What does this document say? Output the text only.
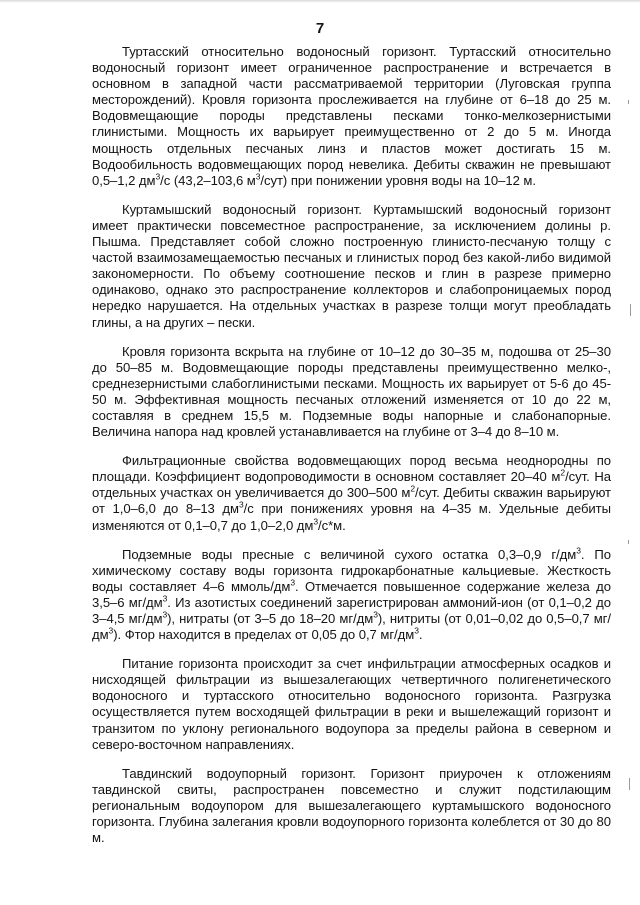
7

Туртасский относительно водоносный горизонт. Туртасский относительно водоносный горизонт имеет ограниченное распространение и встречается в основном в западной части рассматриваемой территории (Луговская группа месторождений). Кровля горизонта прослеживается на глубине от 6–18 до 25 м. Водовмещающие породы представлены песками тонко-мелкозернистыми глинистыми. Мощность их варьирует преимущественно от 2 до 5 м. Иногда мощность отдельных песчаных линз и пластов может достигать 15 м. Водообильность водовмещающих пород невелика. Дебиты скважин не превышают 0,5–1,2 $дм^3/с$ (43,2–103,6 $м^3/сут$) при понижении уровня воды на 10–12 м.

Куртамышский водоносный горизонт. Куртамышский водоносный горизонт имеет практически повсеместное распространение, за исключением долины р. Пышма. Представляет собой сложно построенную глинисто-песчаную толщу с частой взаимозамещаемостью песчаных и глинистых пород без какой-либо видимой закономерности. По объему соотношение песков и глин в разрезе примерно одинаково, однако это распространение коллекторов и слабопроницаемых пород нередко нарушается. На отдельных участках в разрезе толщи могут преобладать глины, а на других – пески.

Кровля горизонта вскрыта на глубине от 10–12 до 30–35 м, подошва от 25–30 до 50–85 м. Водовмещающие породы представлены преимущественно мелко-, среднезернистыми слабоглинистыми песками. Мощность их варьирует от 5-6 до 45-50 м. Эффективная мощность песчаных отложений изменяется от 10 до 22 м, составляя в среднем 15,5 м. Подземные воды напорные и слабонапорные. Величина напора над кровлей устанавливается на глубине от 3–4 до 8–10 м.

Фильтрационные свойства водовмещающих пород весьма неоднородны по площади. Коэффициент водопроводимости в основном составляет 20–40 $м^2$/сут. На отдельных участках он увеличивается до 300–500 $м^2$/сут. Дебиты скважин варьируют от 1,0–6,0 до 8–13 $дм^3/с$ при понижениях уровня на 4–35 м. Удельные дебиты изменяются от 0,1–0,7 до 1,0–2,0 $дм^3/с*м$.

Подземные воды пресные с величиной сухого остатка 0,3–0,9 $г/дм^3$. По химическому составу воды горизонта гидрокарбонатные кальциевые. Жесткость воды составляет 4–6 ммоль/$дм^3$. Отмечается повышенное содержание железа до 3,5–6 $мг/дм^3$. Из азотистых соединений зарегистрирован аммоний-ион (от 0,1–0,2 до 3–4,5 $мг/дм^3$), нитраты (от 3–5 до 18–20 $мг/дм^3$), нитриты (от 0,01–0,02 до 0,5–0,7 $мг/дм^3$). Фтор находится в пределах от 0,05 до 0,7 $мг/дм^3$.

Питание горизонта происходит за счет инфильтрации атмосферных осадков и нисходящей фильтрации из вышезалегающих четвертичного полигенетического водоносного и туртасского относительно водоносного горизонта. Разгрузка осуществляется путем восходящей фильтрации в реки и вышележащий горизонт и транзитом по уклону регионального водоупора за пределы района в северном и северо-восточном направлениях.

Тавдинский водоупорный горизонт. Горизонт приурочен к отложениям тавдинской свиты, распространен повсеместно и служит подстилающим региональным водоупором для вышезалегающего куртамышского водоносного горизонта. Глубина залегания кровли водоупорного горизонта колеблется от 30 до 80 м.
